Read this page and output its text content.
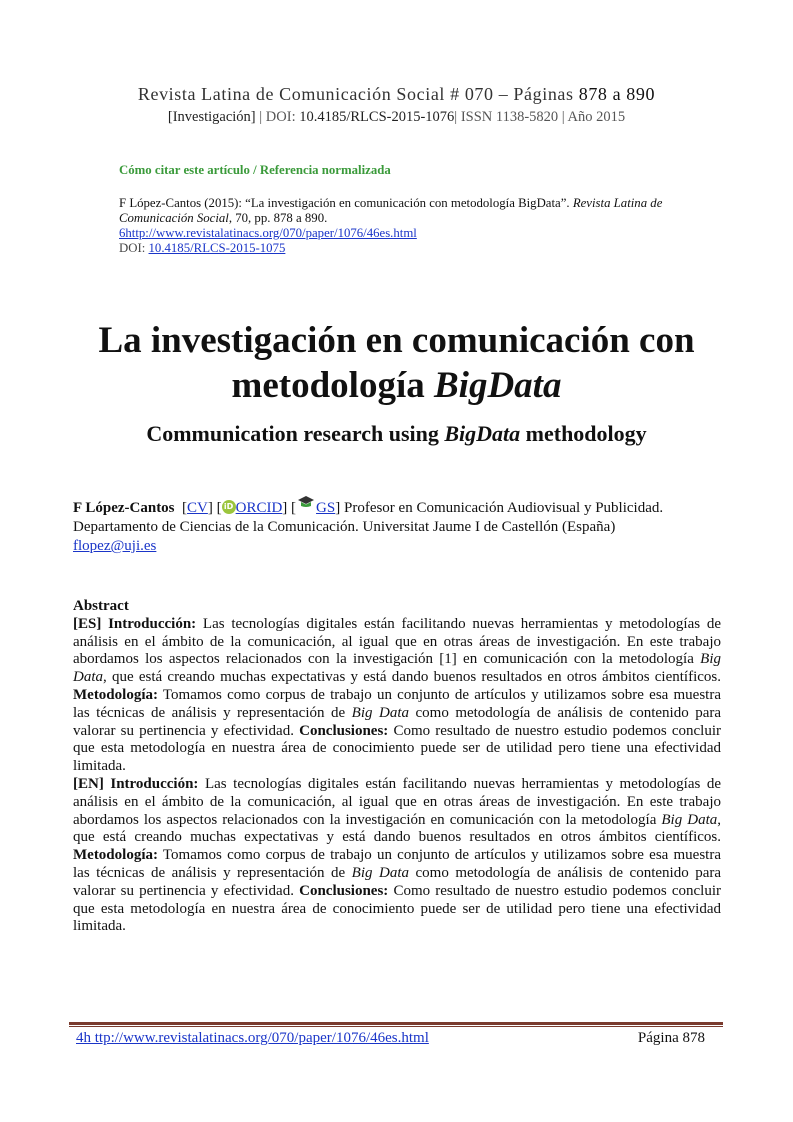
Revista Latina de Comunicación Social # 070 – Páginas 878 a 890
[Investigación] | DOI: 10.4185/RLCS-2015-1076| ISSN 1138-5820 | Año 2015
Cómo citar este artículo / Referencia normalizada

F López-Cantos (2015): “La investigación en comunicación con metodología BigData”. Revista Latina de Comunicación Social, 70, pp. 878 a 890.
6http://www.revistalatinacs.org/070/paper/1076/46es.html
DOI: 10.4185/RLCS-2015-1075

La investigación en comunicación con
metodología BigData
Communication research using BigData methodology
F López-Cantos  [CV] [ iD ORCID] [ GS] Profesor en Comunicación Audiovisual y Publicidad.
Departamento de Ciencias de la Comunicación. Universitat Jaume I de Castellón (España)
flopez@uji.es
Abstract

[ES] Introducción: Las tecnologías digitales están facilitando nuevas herramientas y metodologías de análisis en el ámbito de la comunicación, al igual que en otras áreas de investigación. En este trabajo abordamos los aspectos relacionados con la investigación [1] en comunicación con la metodología Big Data, que está creando muchas expectativas y está dando buenos resultados en otros ámbitos científicos. Metodología: Tomamos como corpus de trabajo un conjunto de artículos y utilizamos sobre esa muestra las técnicas de análisis y representación de Big Data como metodología de análisis de contenido para valorar su pertinencia y efectividad. Conclusiones: Como resultado de nuestro estudio podemos concluir que esta metodología en nuestra área de conocimiento puede ser de utilidad pero tiene una efectividad limitada.

[EN] Introducción: Las tecnologías digitales están facilitando nuevas herramientas y metodologías de análisis en el ámbito de la comunicación, al igual que en otras áreas de investigación. En este trabajo abordamos los aspectos relacionados con la investigación en comunicación con la metodología Big Data, que está creando muchas expectativas y está dando buenos resultados en otros ámbitos científicos. Metodología: Tomamos como corpus de trabajo un conjunto de artículos y utilizamos sobre esa muestra las técnicas de análisis y representación de Big Data como metodología de análisis de contenido para valorar su pertinencia y efectividad. Conclusiones: Como resultado de nuestro estudio podemos concluir que esta metodología en nuestra área de conocimiento puede ser de utilidad pero tiene una efectividad limitada.

4h ttp://www.revistalatinacs.org/070/paper/1076/46es.html	Página 878
